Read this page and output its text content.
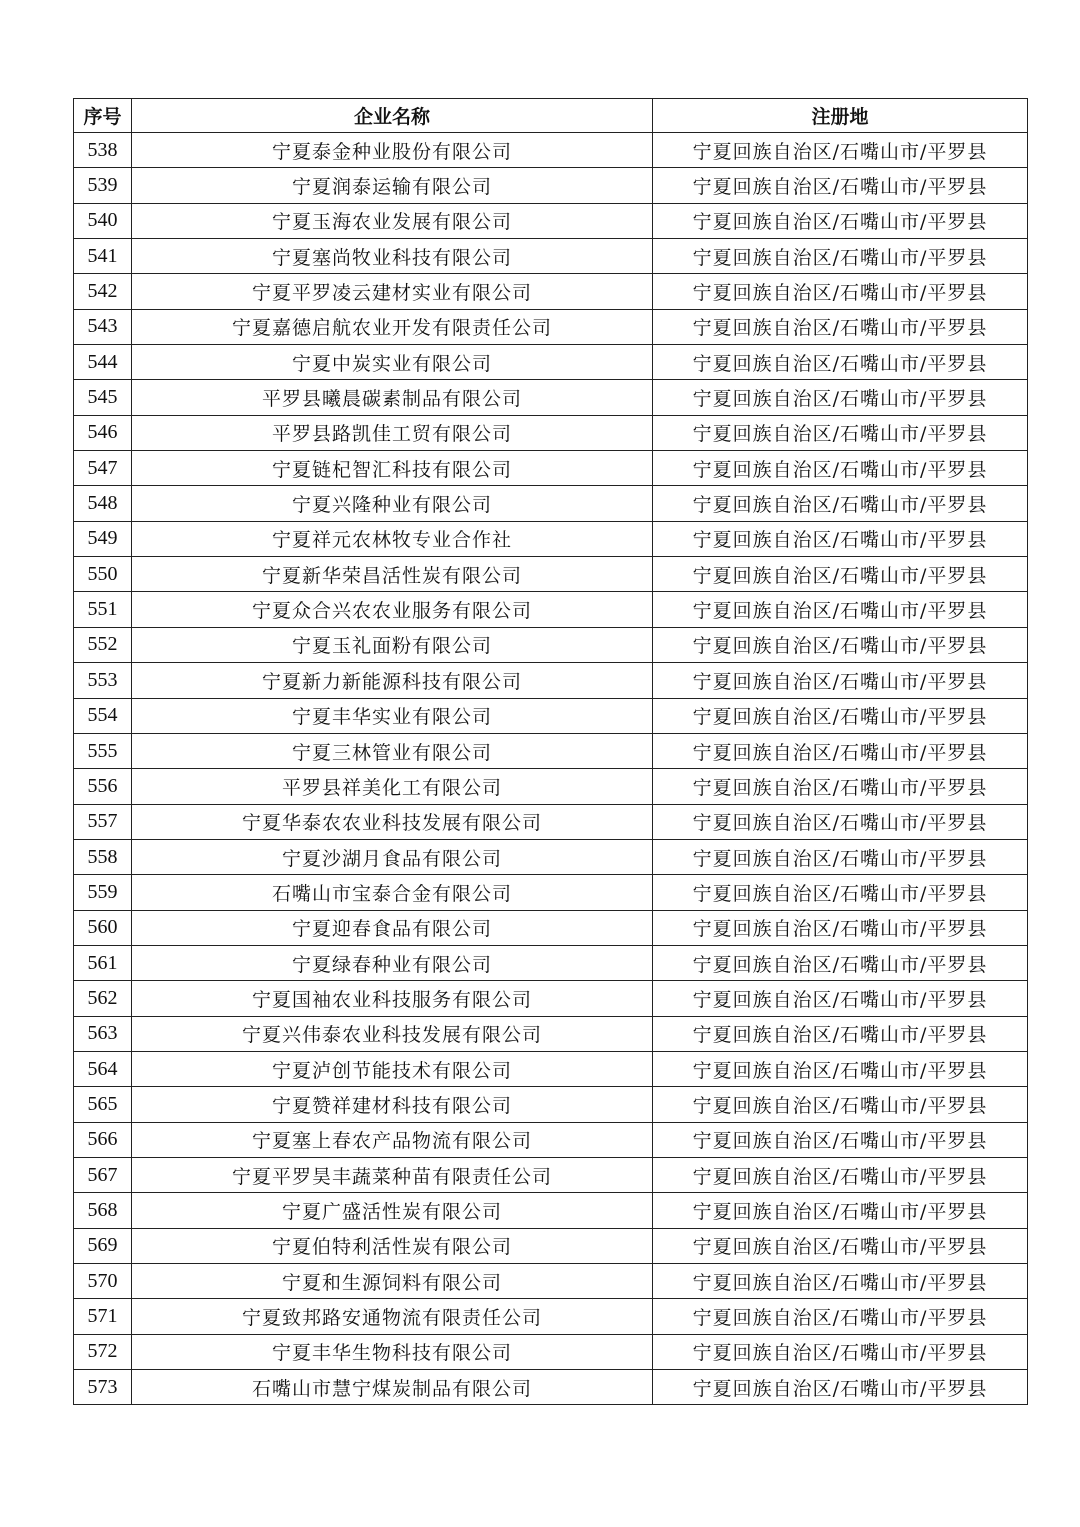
序号	企业名称	注册地
538	宁夏泰金种业股份有限公司	宁夏回族自治区/石嘴山市/平罗县
539	宁夏润泰运输有限公司	宁夏回族自治区/石嘴山市/平罗县
540	宁夏玉海农业发展有限公司	宁夏回族自治区/石嘴山市/平罗县
541	宁夏塞尚牧业科技有限公司	宁夏回族自治区/石嘴山市/平罗县
542	宁夏平罗凌云建材实业有限公司	宁夏回族自治区/石嘴山市/平罗县
543	宁夏嘉德启航农业开发有限责任公司	宁夏回族自治区/石嘴山市/平罗县
544	宁夏中炭实业有限公司	宁夏回族自治区/石嘴山市/平罗县
545	平罗县曦晨碳素制品有限公司	宁夏回族自治区/石嘴山市/平罗县
546	平罗县路凯佳工贸有限公司	宁夏回族自治区/石嘴山市/平罗县
547	宁夏链杞智汇科技有限公司	宁夏回族自治区/石嘴山市/平罗县
548	宁夏兴隆种业有限公司	宁夏回族自治区/石嘴山市/平罗县
549	宁夏祥元农林牧专业合作社	宁夏回族自治区/石嘴山市/平罗县
550	宁夏新华荣昌活性炭有限公司	宁夏回族自治区/石嘴山市/平罗县
551	宁夏众合兴农农业服务有限公司	宁夏回族自治区/石嘴山市/平罗县
552	宁夏玉礼面粉有限公司	宁夏回族自治区/石嘴山市/平罗县
553	宁夏新力新能源科技有限公司	宁夏回族自治区/石嘴山市/平罗县
554	宁夏丰华实业有限公司	宁夏回族自治区/石嘴山市/平罗县
555	宁夏三林管业有限公司	宁夏回族自治区/石嘴山市/平罗县
556	平罗县祥美化工有限公司	宁夏回族自治区/石嘴山市/平罗县
557	宁夏华泰农农业科技发展有限公司	宁夏回族自治区/石嘴山市/平罗县
558	宁夏沙湖月食品有限公司	宁夏回族自治区/石嘴山市/平罗县
559	石嘴山市宝泰合金有限公司	宁夏回族自治区/石嘴山市/平罗县
560	宁夏迎春食品有限公司	宁夏回族自治区/石嘴山市/平罗县
561	宁夏绿春种业有限公司	宁夏回族自治区/石嘴山市/平罗县
562	宁夏国袖农业科技服务有限公司	宁夏回族自治区/石嘴山市/平罗县
563	宁夏兴伟泰农业科技发展有限公司	宁夏回族自治区/石嘴山市/平罗县
564	宁夏泸创节能技术有限公司	宁夏回族自治区/石嘴山市/平罗县
565	宁夏赞祥建材科技有限公司	宁夏回族自治区/石嘴山市/平罗县
566	宁夏塞上春农产品物流有限公司	宁夏回族自治区/石嘴山市/平罗县
567	宁夏平罗昊丰蔬菜种苗有限责任公司	宁夏回族自治区/石嘴山市/平罗县
568	宁夏广盛活性炭有限公司	宁夏回族自治区/石嘴山市/平罗县
569	宁夏伯特利活性炭有限公司	宁夏回族自治区/石嘴山市/平罗县
570	宁夏和生源饲料有限公司	宁夏回族自治区/石嘴山市/平罗县
571	宁夏致邦路安通物流有限责任公司	宁夏回族自治区/石嘴山市/平罗县
572	宁夏丰华生物科技有限公司	宁夏回族自治区/石嘴山市/平罗县
573	石嘴山市慧宁煤炭制品有限公司	宁夏回族自治区/石嘴山市/平罗县
